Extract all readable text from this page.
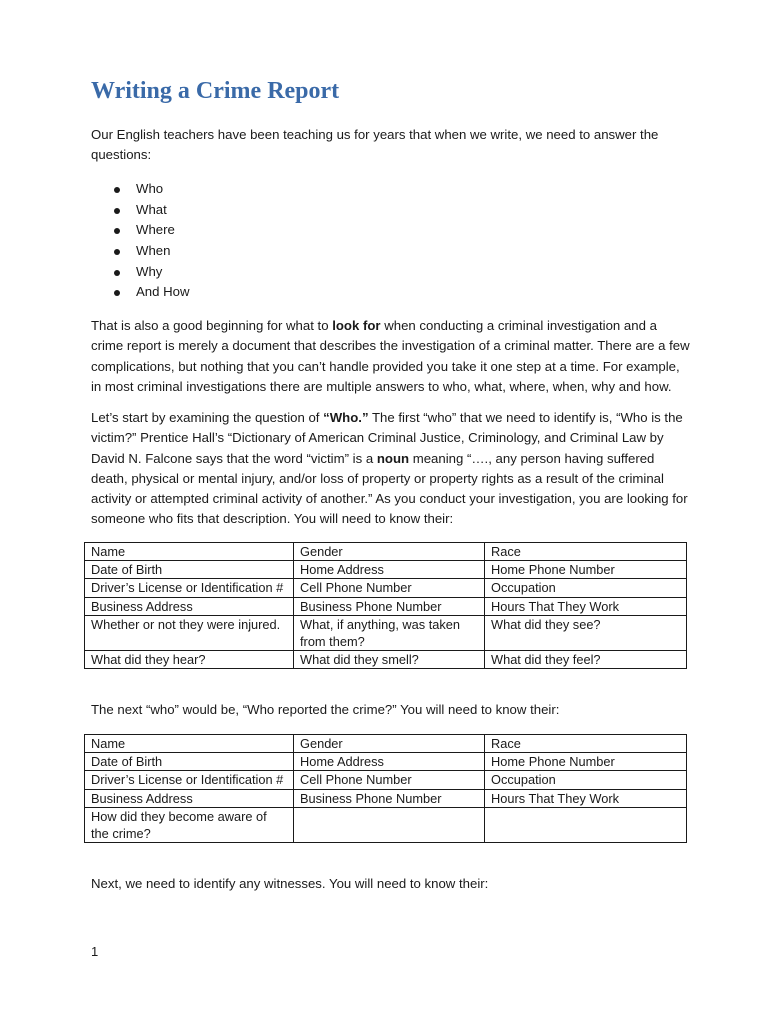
Writing a Crime Report

Our English teachers have been teaching us for years that when we write, we need to answer the questions:

Who
What
Where
When
Why
And How

That is also a good beginning for what to look for when conducting a criminal investigation and a crime report is merely a document that describes the investigation of a criminal matter. There are a few complications, but nothing that you can’t handle provided you take it one step at a time. For example, in most criminal investigations there are multiple answers to who, what, where, when, why and how.

Let’s start by examining the question of “Who.” The first “who” that we need to identify is, “Who is the victim?” Prentice Hall’s “Dictionary of American Criminal Justice, Criminology, and Criminal Law by David N. Falcone says that the word “victim” is a noun meaning “…., any person having suffered death, physical or mental injury, and/or loss of property or property rights as a result of the criminal activity or attempted criminal activity of another.” As you conduct your investigation, you are looking for someone who fits that description. You will need to know their:

Name	Gender	Race
Date of Birth	Home Address	Home Phone Number
Driver’s License or Identification #	Cell Phone Number	Occupation
Business Address	Business Phone Number	Hours That They Work
Whether or not they were injured.	What, if anything, was taken from them?	What did they see?
What did they hear?	What did they smell?	What did they feel?

The next “who” would be, “Who reported the crime?” You will need to know their:

Name	Gender	Race
Date of Birth	Home Address	Home Phone Number
Driver’s License or Identification #	Cell Phone Number	Occupation
Business Address	Business Phone Number	Hours That They Work
How did they become aware of the crime?		

Next, we need to identify any witnesses. You will need to know their:

1
